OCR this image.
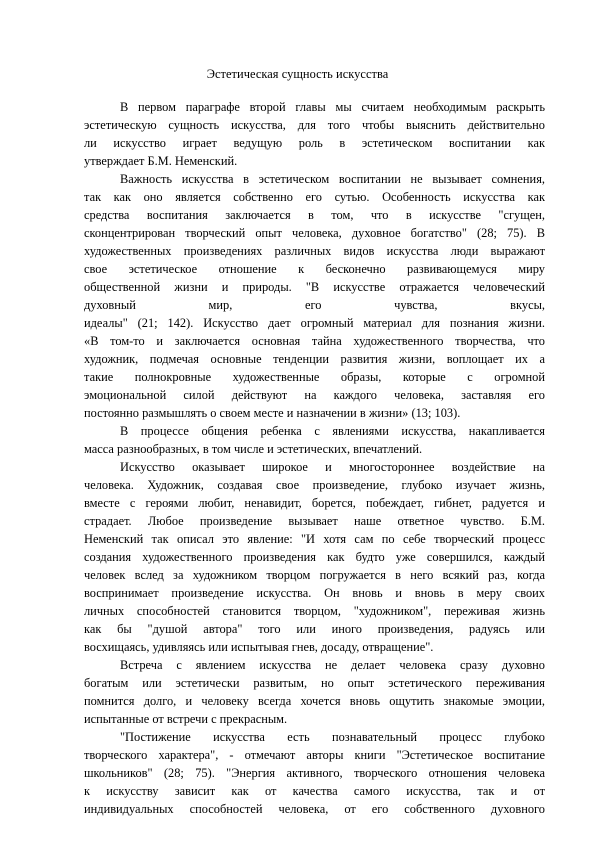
Эстетическая сущность искусства
В первом параграфе второй главы мы считаем необходимым раскрыть
эстетическую сущность искусства, для того чтобы выяснить действительно
ли искусство играет ведущую роль в эстетическом воспитании как
утверждает Б.М. Неменский.
Важность искусства в эстетическом воспитании не вызывает сомнения,
так как оно является собственно его сутью. Особенность искусства как
средства воспитания заключается в том, что в искусстве "сгущен,
сконцентрирован творческий опыт человека, духовное богатство" (28; 75). В
художественных произведениях различных видов искусства люди выражают
свое эстетическое отношение к бесконечно развивающемуся миру
общественной жизни и природы. "В искусстве отражается человеческий
духовный мир, его чувства, вкусы,
идеалы" (21; 142). Искусство дает огромный материал для познания жизни.
«В том-то и заключается основная тайна художественного творчества, что
художник, подмечая основные тенденции развития жизни, воплощает их а
такие полнокровные художественные образы, которые с огромной
эмоциональной силой действуют на каждого человека, заставляя его
постоянно размышлять о своем месте и назначении в жизни» (13; 103).
В процессе общения ребенка с явлениями искусства, накапливается
масса разнообразных, в том числе и эстетических, впечатлений.
Искусство оказывает широкое и многостороннее воздействие на
человека. Художник, создавая свое произведение, глубоко изучает жизнь,
вместе с героями любит, ненавидит, борется, побеждает, гибнет, радуется и
страдает. Любое произведение вызывает наше ответное чувство. Б.М.
Неменский так описал это явление: "И хотя сам по себе творческий процесс
создания художественного произведения как будто уже совершился, каждый
человек вслед за художником творцом погружается в него всякий раз, когда
воспринимает произведение искусства. Он вновь и вновь в меру своих
личных способностей становится творцом, "художником", переживая жизнь
как бы "душой автора" того или иного произведения, радуясь или
восхищаясь, удивляясь или испытывая гнев, досаду, отвращение".
Встреча с явлением искусства не делает человека сразу духовно
богатым или эстетически развитым, но опыт эстетического переживания
помнится долго, и человеку всегда хочется вновь ощутить знакомые эмоции,
испытанные от встречи с прекрасным.
"Постижение искусства есть познавательный процесс глубоко
творческого характера", - отмечают авторы книги "Эстетическое воспитание
школьников" (28; 75). "Энергия активного, творческого отношения человека
к искусству зависит как от качества самого искусства, так и от
индивидуальных способностей человека, от его собственного духовного
